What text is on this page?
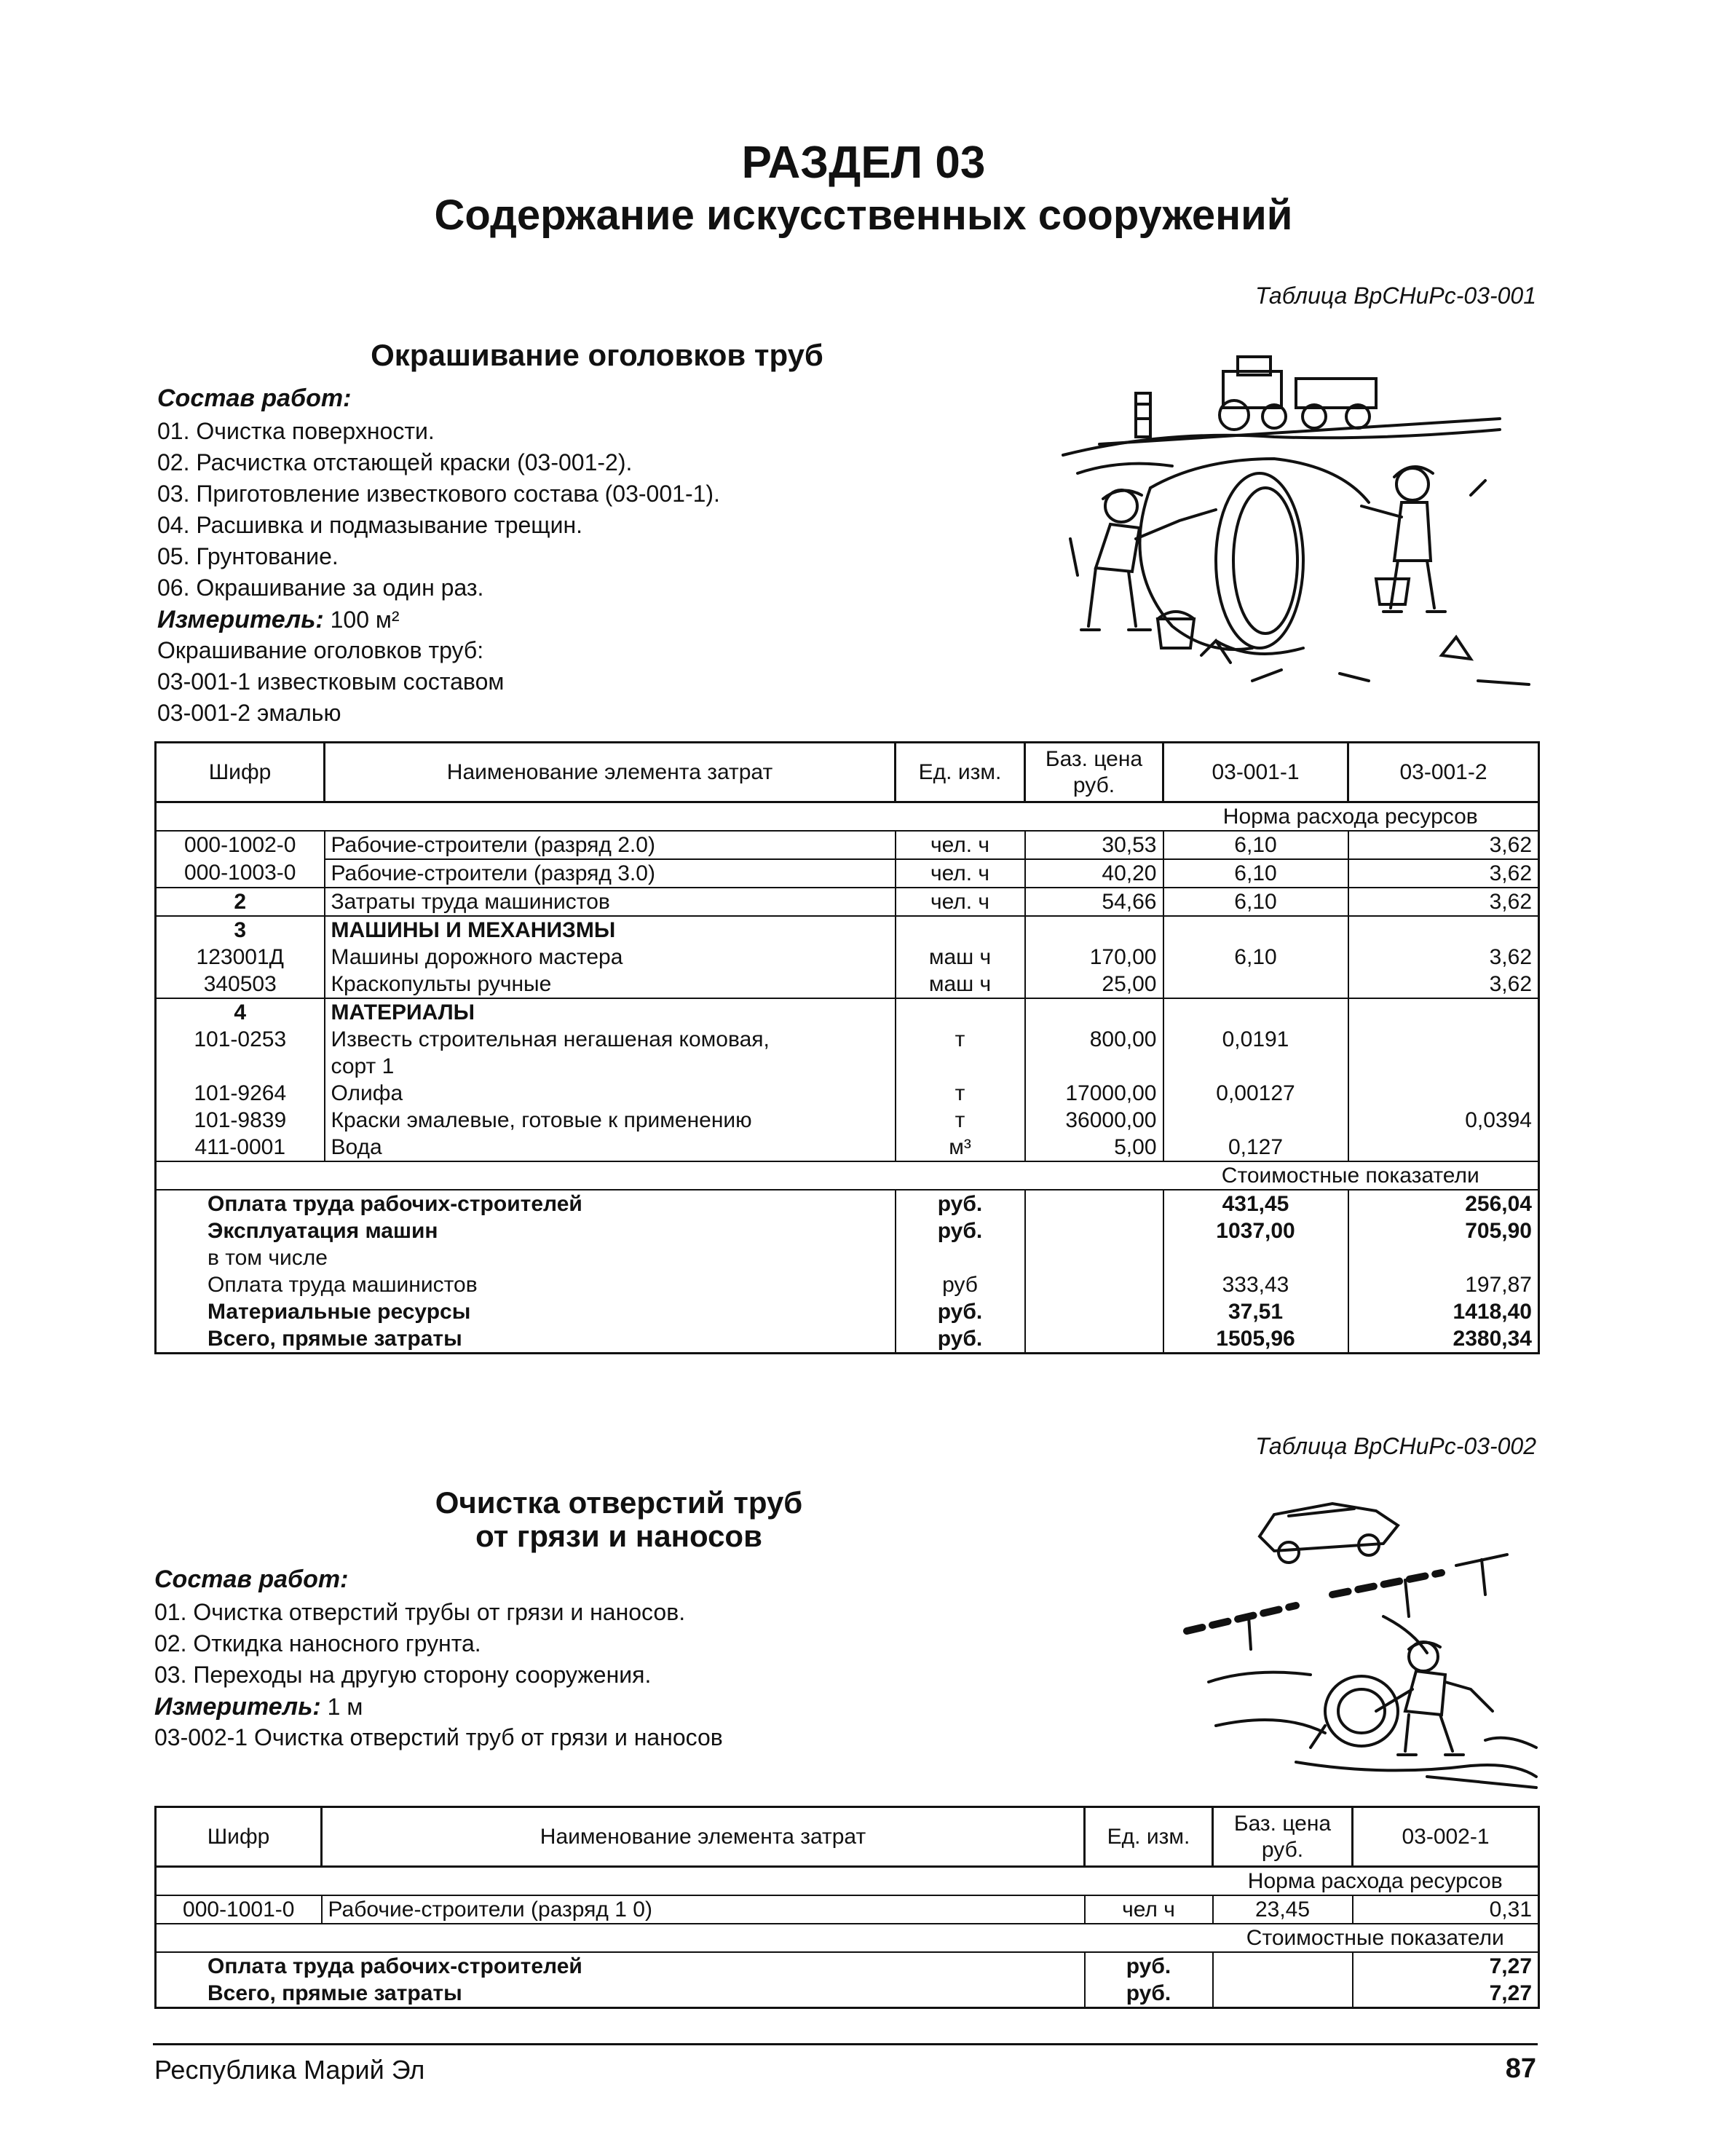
РАЗДЕЛ 03
Содержание искусственных сооружений
Таблица ВрСНиРс-03-001
Окрашивание оголовков труб
Состав работ:
01. Очистка поверхности.
02. Расчистка отстающей краски (03-001-2).
03. Приготовление известкового состава (03-001-1).
04. Расшивка и подмазывание трещин.
05. Грунтование.
06. Окрашивание за один раз.
Измеритель: 100 м²
Окрашивание оголовков труб:
03-001-1 известковым составом
03-001-2 эмалью
Шифр	Наименование элемента затрат	Ед. изм.	Баз. цена руб.	03-001-1	03-001-2
				Норма расхода ресурсов	
000-1002-0	Рабочие-строители (разряд 2.0)	чел. ч	30,53	6,10	3,62
000-1003-0	Рабочие-строители (разряд 3.0)	чел. ч	40,20	6,10	3,62
2	Затраты труда машинистов	чел. ч	54,66	6,10	3,62
3	МАШИНЫ И МЕХАНИЗМЫ				
123001Д	Машины дорожного мастера	маш ч	170,00	6,10	3,62
340503	Краскопульты ручные	маш ч	25,00		3,62
4	МАТЕРИАЛЫ				
101-0253	Известь строительная негашеная комовая,	т	800,00	0,0191	
	сорт 1				
101-9264	Олифа	т	17000,00	0,00127	
101-9839	Краски эмалевые, готовые к применению	т	36000,00		0,0394
411-0001	Вода	м³	5,00	0,127	
				Стоимостные показатели	
Оплата труда рабочих-строителей		руб.		431,45	256,04
Эксплуатация машин		руб.		1037,00	705,90
в том числе					
Оплата труда машинистов		руб		333,43	197,87
Материальные ресурсы		руб.		37,51	1418,40
Всего, прямые затраты		руб.		1505,96	2380,34
Таблица ВрСНиРс-03-002
Очистка отверстий труб
от грязи и наносов
Состав работ:
01. Очистка отверстий трубы от грязи и наносов.
02. Откидка наносного грунта.
03. Переходы на другую сторону сооружения.
Измеритель: 1 м
03-002-1 Очистка отверстий труб от грязи и наносов
Шифр	Наименование элемента затрат	Ед. изм.	Баз. цена руб.	03-002-1
			Норма расхода ресурсов	
000-1001-0	Рабочие-строители (разряд 1 0)	чел ч	23,45	0,31
			Стоимостные показатели	
Оплата труда рабочих-строителей		руб.		7,27
Всего, прямые затраты		руб.		7,27
Республика Марий Эл	87
